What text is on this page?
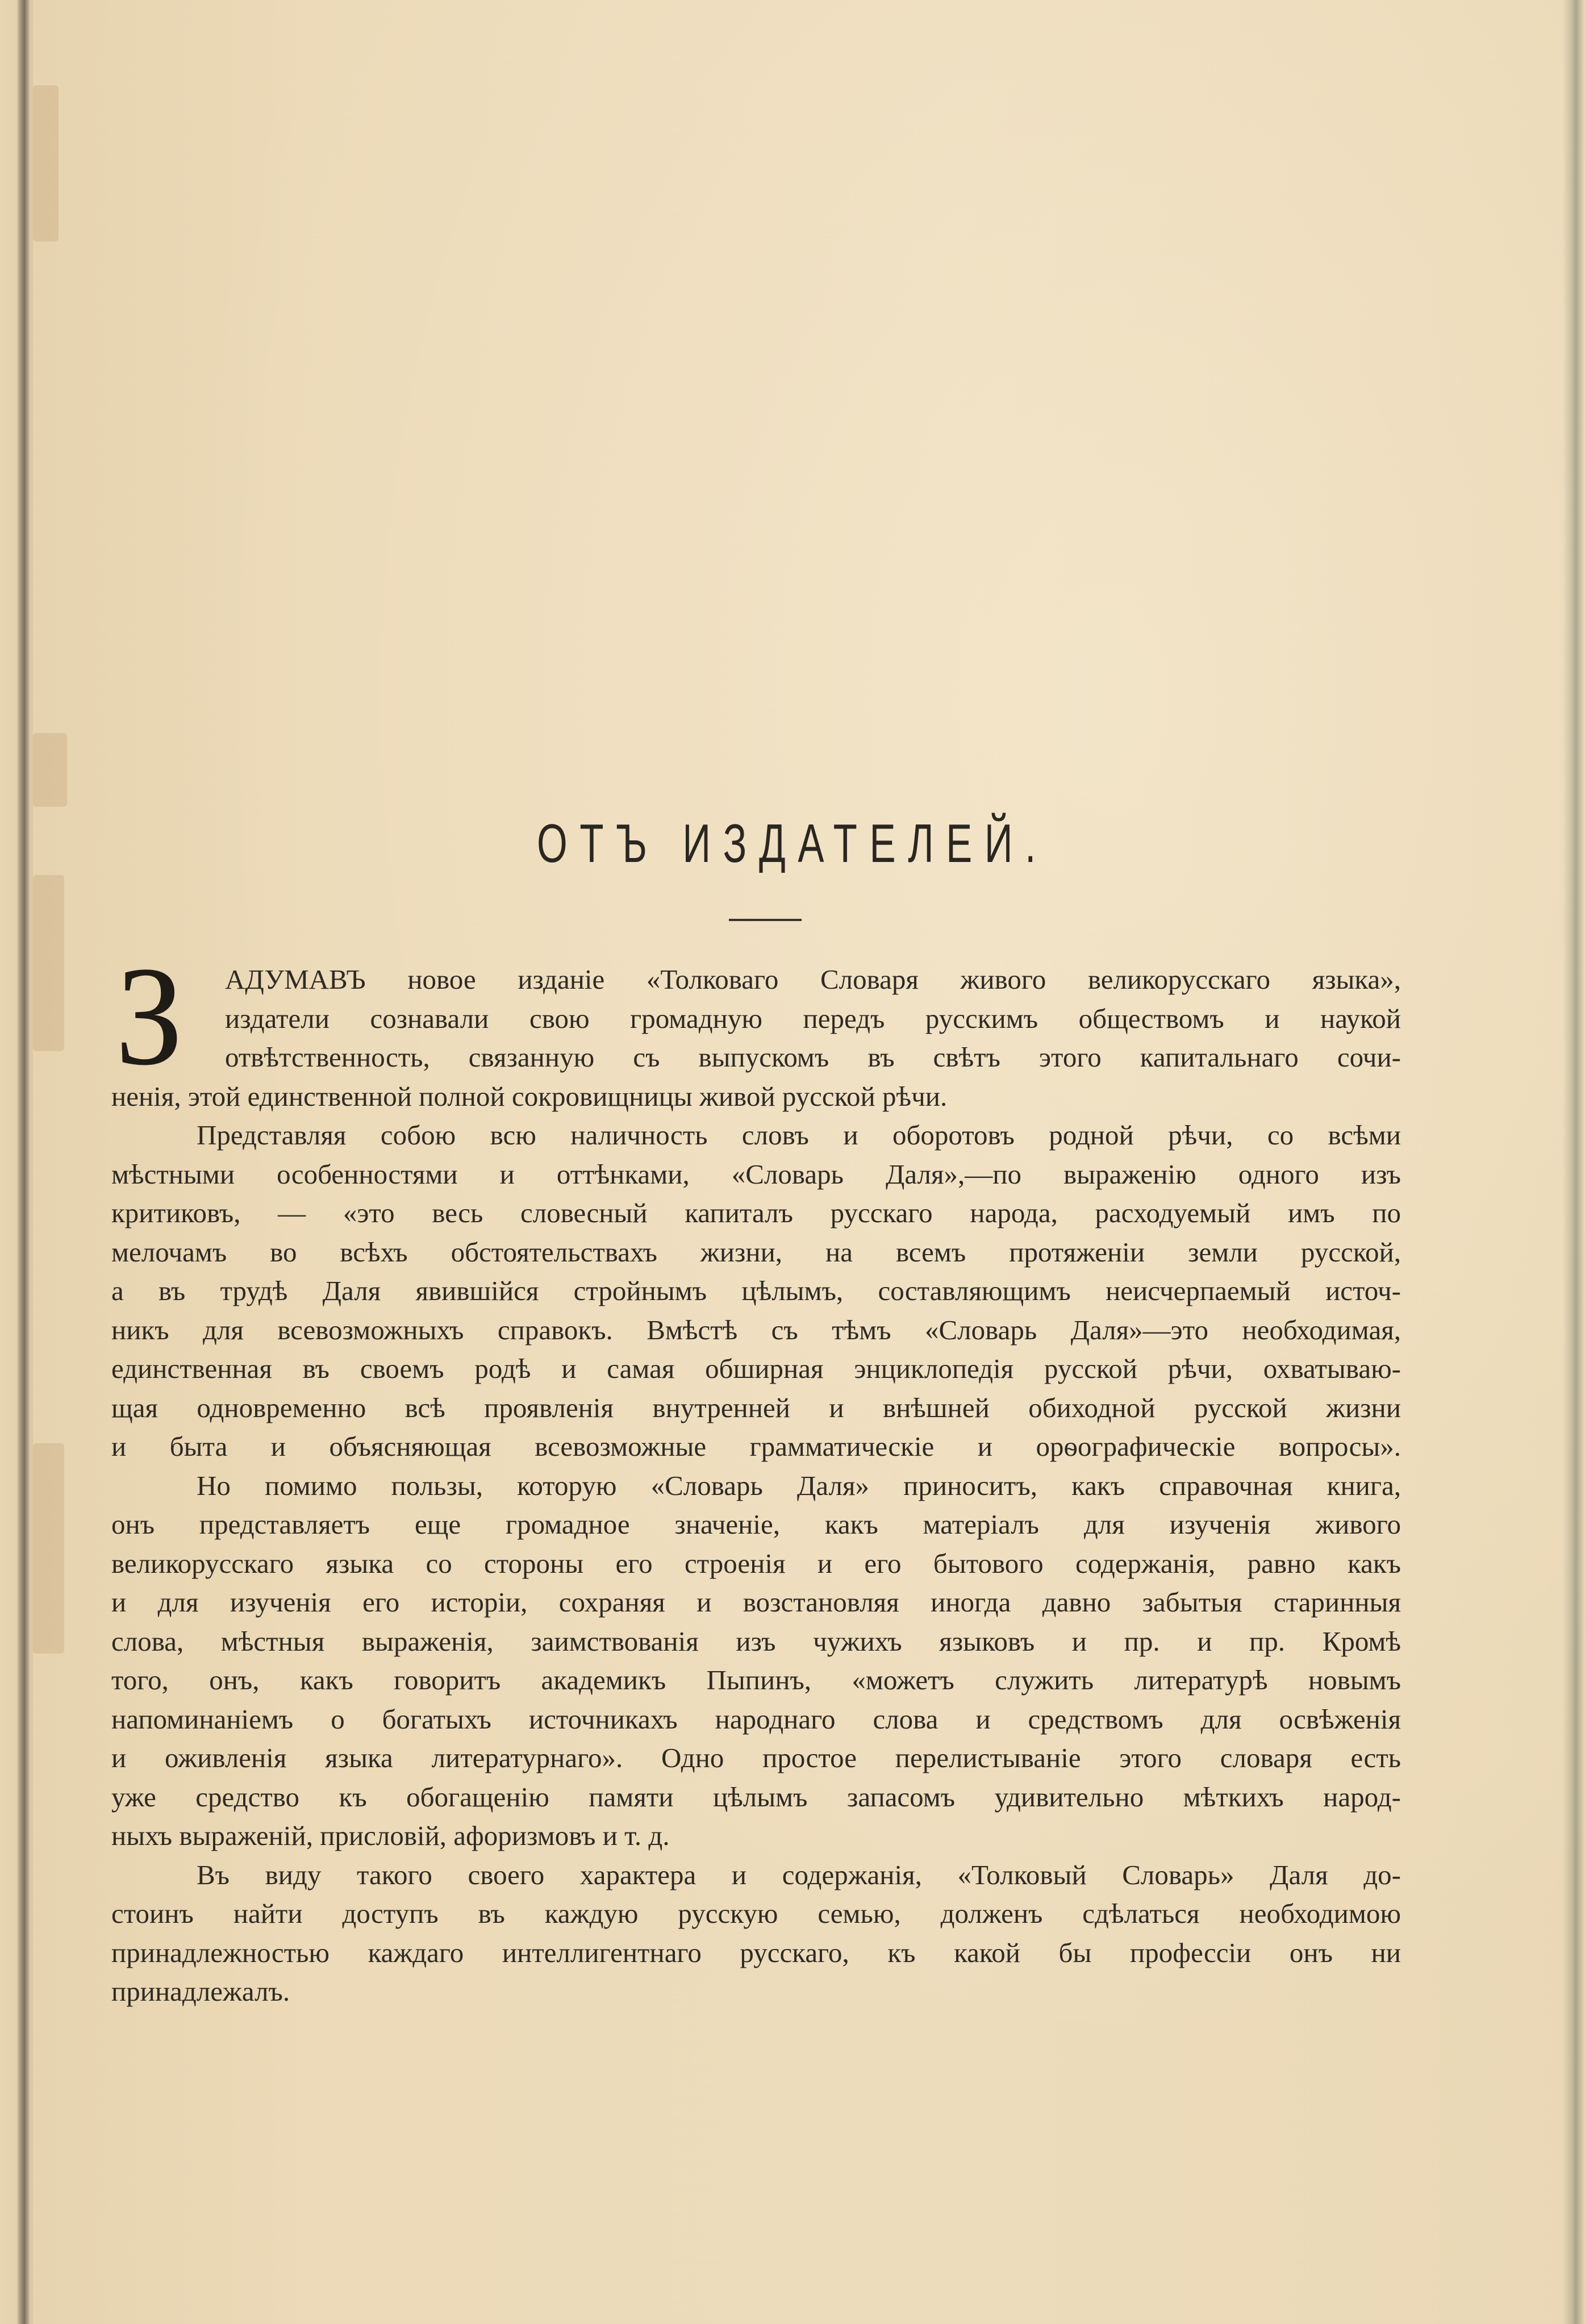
ОТЪ ИЗДАТЕЛЕЙ.
З АДУМАВЪ новое изданіе «Толковаго Словаря живого великорусскаго языка»,
издатели сознавали свою громадную передъ русскимъ обществомъ и наукой
отвѣтственность, связанную съ выпускомъ въ свѣтъ этого капитальнаго сочи-
ненія, этой единственной полной сокровищницы живой русской рѣчи.
Представляя собою всю наличность словъ и оборотовъ родной рѣчи, со всѣми
мѣстными особенностями и оттѣнками, «Словарь Даля»,—по выраженію одного изъ
критиковъ, — «это весь словесный капиталъ русскаго народа, расходуемый имъ по
мелочамъ во всѣхъ обстоятельствахъ жизни, на всемъ протяженіи земли русской,
а въ трудѣ Даля явившійся стройнымъ цѣлымъ, составляющимъ неисчерпаемый источ-
никъ для всевозможныхъ справокъ. Вмѣстѣ съ тѣмъ «Словарь Даля»—это необходимая,
единственная въ своемъ родѣ и самая обширная энциклопедія русской рѣчи, охватываю-
щая одновременно всѣ проявленія внутренней и внѣшней обиходной русской жизни
и быта и объясняющая всевозможные грамматическіе и орѳографическіе вопросы».
Но помимо пользы, которую «Словарь Даля» приноситъ, какъ справочная книга,
онъ представляетъ еще громадное значеніе, какъ матеріалъ для изученія живого
великорусскаго языка со стороны его строенія и его бытового содержанія, равно какъ
и для изученія его исторіи, сохраняя и возстановляя иногда давно забытыя старинныя
слова, мѣстныя выраженія, заимствованія изъ чужихъ языковъ и пр. и пр. Кромѣ
того, онъ, какъ говоритъ академикъ Пыпинъ, «можетъ служить литературѣ новымъ
напоминаніемъ о богатыхъ источникахъ народнаго слова и средствомъ для освѣженія
и оживленія языка литературнаго». Одно простое перелистываніе этого словаря есть
уже средство къ обогащенію памяти цѣлымъ запасомъ удивительно мѣткихъ народ-
ныхъ выраженій, присловій, афоризмовъ и т. д.
Въ виду такого своего характера и содержанія, «Толковый Словарь» Даля до-
стоинъ найти доступъ въ каждую русскую семью, долженъ сдѣлаться необходимою
принадлежностью каждаго интеллигентнаго русскаго, къ какой бы профессіи онъ ни
принадлежалъ.
